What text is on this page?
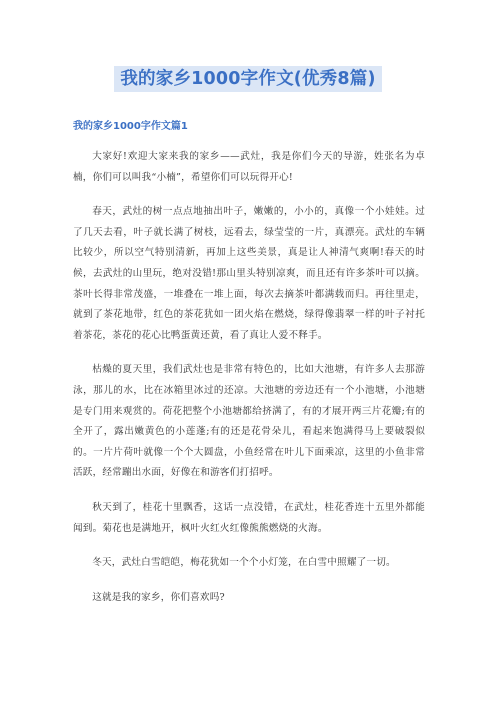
我的家乡1000字作文(优秀8篇)
我的家乡1000字作文篇1

大家好!欢迎大家来我的家乡——武灶，我是你们今天的导游，姓张名为卓楠，你们可以叫我“小楠”，希望你们可以玩得开心!

春天，武灶的树一点点地抽出叶子，嫩嫩的，小小的，真像一个小娃娃。过了几天去看，叶子就长满了树枝，远看去，绿莹莹的一片，真漂亮。武灶的车辆比较少，所以空气特别清新，再加上这些美景，真是让人神清气爽啊!春天的时候，去武灶的山里玩，绝对没错!那山里头特别凉爽，而且还有许多茶叶可以摘。茶叶长得非常茂盛，一堆叠在一堆上面，每次去摘茶叶都满载而归。再往里走，就到了茶花地带，红色的茶花犹如一团火焰在燃烧，绿得像翡翠一样的叶子衬托着茶花，茶花的花心比鸭蛋黄还黄，看了真让人爱不释手。

枯燥的夏天里，我们武灶也是非常有特色的，比如大池塘，有许多人去那游泳，那儿的水，比在冰箱里冰过的还凉。大池塘的旁边还有一个小池塘，小池塘是专门用来观赏的。荷花把整个小池塘都给挤满了，有的才展开两三片花瓣;有的全开了，露出嫩黄色的小莲蓬;有的还是花骨朵儿，看起来饱满得马上要破裂似的。一片片荷叶就像一个个大圆盘，小鱼经常在叶儿下面乘凉，这里的小鱼非常活跃，经常蹦出水面，好像在和游客们打招呼。

秋天到了，桂花十里飘香，这话一点没错，在武灶，桂花香连十五里外都能闻到。菊花也是满地开，枫叶火红火红像熊熊燃烧的火海。

冬天，武灶白雪皑皑，梅花犹如一个个小灯笼，在白雪中照耀了一切。

这就是我的家乡，你们喜欢吗?
